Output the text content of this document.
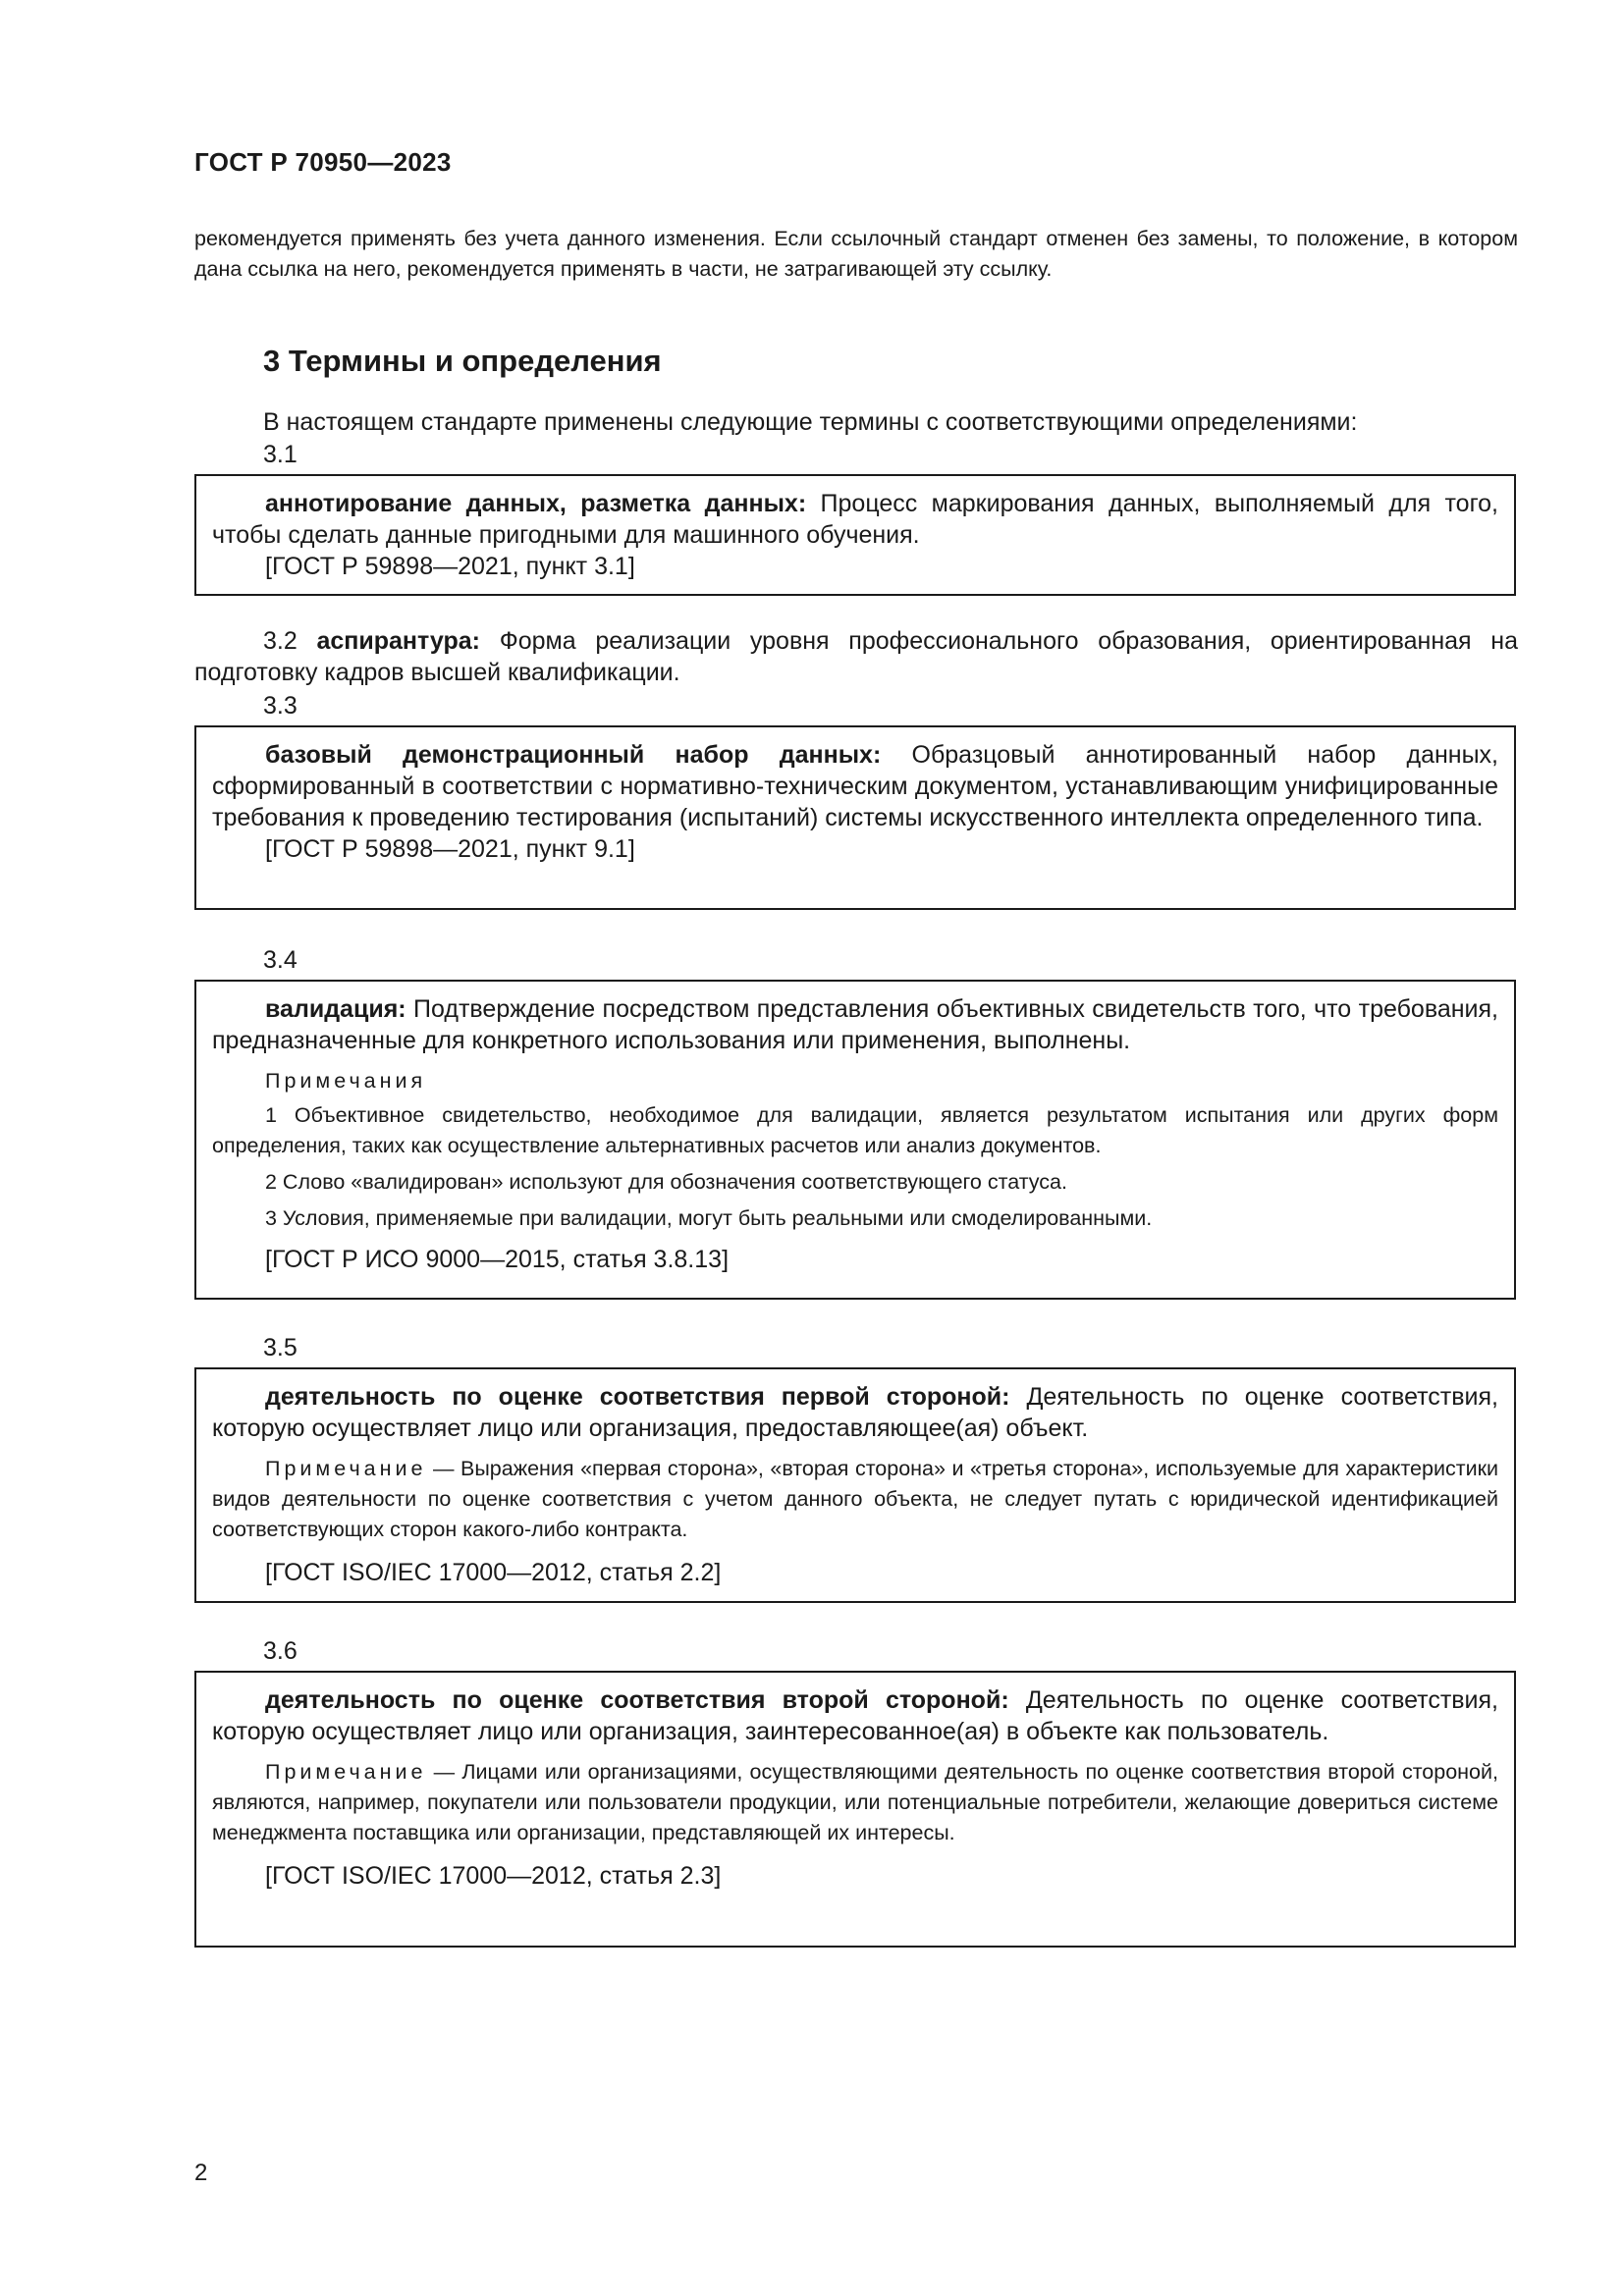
ГОСТ Р 70950—2023
рекомендуется применять без учета данного изменения. Если ссылочный стандарт отменен без замены, то положение, в котором дана ссылка на него, рекомендуется применять в части, не затрагивающей эту ссылку.
3 Термины и определения
В настоящем стандарте применены следующие термины с соответствующими определениями:
3.1

аннотирование данных, разметка данных: Процесс маркирования данных, выполняемый для того, чтобы сделать данные пригодными для машинного обучения.

[ГОСТ Р 59898—2021, пункт 3.1]

3.2 аспирантура: Форма реализации уровня профессионального образования, ориентированная на подготовку кадров высшей квалификации.
3.3

базовый демонстрационный набор данных: Образцовый аннотированный набор данных, сформированный в соответствии с нормативно-техническим документом, устанавливающим унифицированные требования к проведению тестирования (испытаний) системы искусственного интеллекта определенного типа.

[ГОСТ Р 59898—2021, пункт 9.1]

3.4

валидация: Подтверждение посредством представления объективных свидетельств того, что требования, предназначенные для конкретного использования или применения, выполнены.

Примечания

1 Объективное свидетельство, необходимое для валидации, является результатом испытания или других форм определения, таких как осуществление альтернативных расчетов или анализ документов.

2 Слово «валидирован» используют для обозначения соответствующего статуса.

3 Условия, применяемые при валидации, могут быть реальными или смоделированными.

[ГОСТ Р ИСО 9000—2015, статья 3.8.13]

3.5

деятельность по оценке соответствия первой стороной: Деятельность по оценке соответствия, которую осуществляет лицо или организация, предоставляющее(ая) объект.

Примечание — Выражения «первая сторона», «вторая сторона» и «третья сторона», используемые для характеристики видов деятельности по оценке соответствия с учетом данного объекта, не следует путать с юридической идентификацией соответствующих сторон какого-либо контракта.

[ГОСТ ISO/IEC 17000—2012, статья 2.2]

3.6

деятельность по оценке соответствия второй стороной: Деятельность по оценке соответствия, которую осуществляет лицо или организация, заинтересованное(ая) в объекте как пользователь.

Примечание — Лицами или организациями, осуществляющими деятельность по оценке соответствия второй стороной, являются, например, покупатели или пользователи продукции, или потенциальные потребители, желающие довериться системе менеджмента поставщика или организации, представляющей их интересы.

[ГОСТ ISO/IEC 17000—2012, статья 2.3]

2
